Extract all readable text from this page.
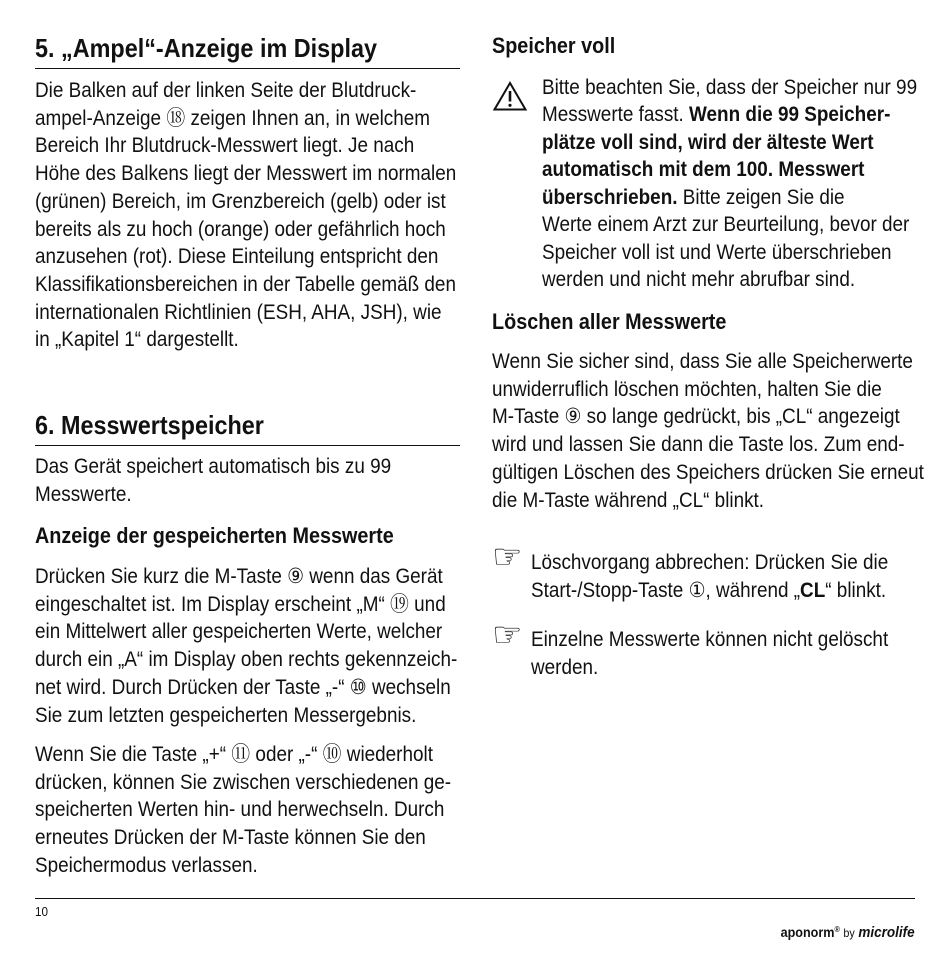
5. „Ampel“-Anzeige im Display
Die Balken auf der linken Seite der Blutdruck-
ampel-Anzeige ⑱ zeigen Ihnen an, in welchem
Bereich Ihr Blutdruck-Messwert liegt. Je nach
Höhe des Balkens liegt der Messwert im normalen
(grünen) Bereich, im Grenzbereich (gelb) oder ist
bereits als zu hoch (orange) oder gefährlich hoch
anzusehen (rot). Diese Einteilung entspricht den
Klassifikationsbereichen in der Tabelle gemäß den
internationalen Richtlinien (ESH, AHA, JSH), wie
in „Kapitel 1“ dargestellt.
6. Messwertspeicher
Das Gerät speichert automatisch bis zu 99
Messwerte.
Anzeige der gespeicherten Messwerte
Drücken Sie kurz die M-Taste ⑨ wenn das Gerät
eingeschaltet ist. Im Display erscheint „M“ ⑲ und
ein Mittelwert aller gespeicherten Werte, welcher
durch ein „A“ im Display oben rechts gekennzeich-
net wird. Durch Drücken der Taste „-“ ⑩ wechseln
Sie zum letzten gespeicherten Messergebnis.
Wenn Sie die Taste „+“ ⑪ oder „-“ ⑩ wiederholt
drücken, können Sie zwischen verschiedenen ge-
speicherten Werten hin- und herwechseln. Durch
erneutes Drücken der M-Taste können Sie den
Speichermodus verlassen.
Speicher voll
Bitte beachten Sie, dass der Speicher nur 99
Messwerte fasst. Wenn die 99 Speicher-
plätze voll sind, wird der älteste Wert
automatisch mit dem 100. Messwert
überschrieben. Bitte zeigen Sie die
Werte einem Arzt zur Beurteilung, bevor der
Speicher voll ist und Werte überschrieben
werden und nicht mehr abrufbar sind.
Löschen aller Messwerte
Wenn Sie sicher sind, dass Sie alle Speicherwerte
unwiderruflich löschen möchten, halten Sie die
M-Taste ⑨ so lange gedrückt, bis „CL“ angezeigt
wird und lassen Sie dann die Taste los. Zum end-
gültigen Löschen des Speichers drücken Sie erneut
die M-Taste während „CL“ blinkt.
☞
Löschvorgang abbrechen: Drücken Sie die
Start-/Stopp-Taste ①, während „CL“ blinkt.
☞
Einzelne Messwerte können nicht gelöscht
werden.
10

aponorm® by microlife
